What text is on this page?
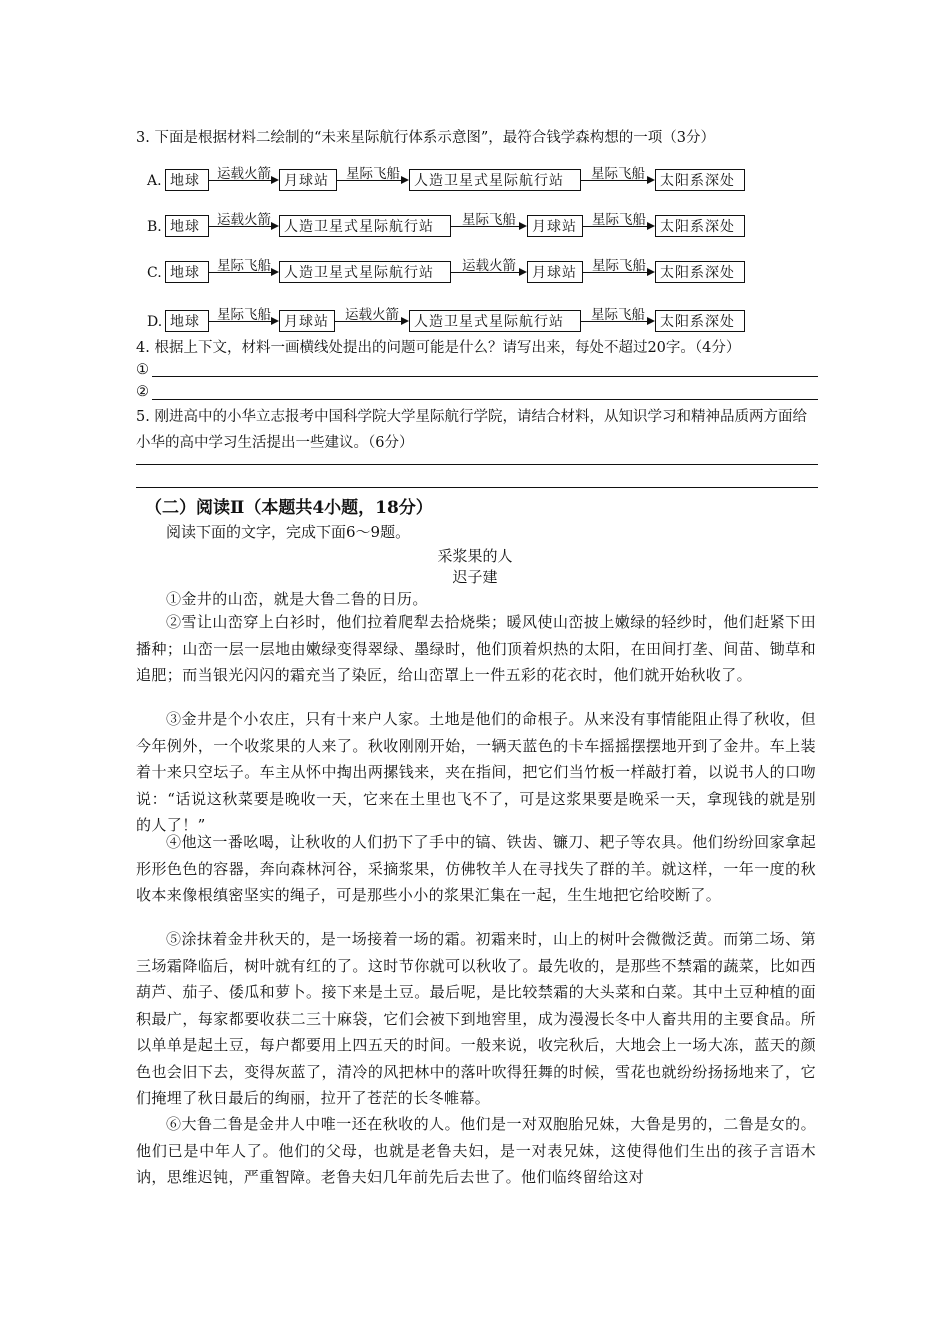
3. 下面是根据材料二绘制的“未来星际航行体系示意图”，最符合钱学森构想的一项（3分）
A. 地球	运载火箭 月球站	星际飞船	人造卫星式星际航行站	星际飞船	太阳系深处
B. 地球	运载火箭 人造卫星式星际航行站	星际飞船	月球站	星际飞船	太阳系深处
C. 地球	星际飞船 人造卫星式星际航行站	运载火箭	月球站	星际飞船	太阳系深处
D. 地球	星际飞船 月球站	运载火箭	人造卫星式星际航行站	星际飞船	太阳系深处
4. 根据上下文，材料一画横线处提出的问题可能是什么？请写出来，每处不超过20字。（4分）
①
②
5. 刚进高中的小华立志报考中国科学院大学星际航行学院，请结合材料，从知识学习和精神品质两方面给小华的高中学习生活提出一些建议。（6分）
（二）阅读Ⅱ（本题共4小题，18分）
阅读下面的文字，完成下面6～9题。
采浆果的人
迟子建
①金井的山峦，就是大鲁二鲁的日历。
②雪让山峦穿上白衫时，他们拉着爬犁去拾烧柴；暖风使山峦披上嫩绿的轻纱时，他们赶紧下田播种；山峦一层一层地由嫩绿变得翠绿、墨绿时，他们顶着炽热的太阳，在田间打垄、间苗、锄草和追肥；而当银光闪闪的霜充当了染匠，给山峦罩上一件五彩的花衣时，他们就开始秋收了。
③金井是个小农庄，只有十来户人家。土地是他们的命根子。从来没有事情能阻止得了秋收，但今年例外，一个收浆果的人来了。秋收刚刚开始，一辆天蓝色的卡车摇摇摆摆地开到了金井。车上装着十来只空坛子。车主从怀中掏出两摞钱来，夹在指间，把它们当竹板一样敲打着，以说书人的口吻说：“话说这秋菜要是晚收一天，它来在土里也飞不了，可是这浆果要是晚采一天，拿现钱的就是别的人了！”
④他这一番吆喝，让秋收的人们扔下了手中的镐、铁齿、镰刀、耙子等农具。他们纷纷回家拿起形形色色的容器，奔向森林河谷，采摘浆果，仿佛牧羊人在寻找失了群的羊。就这样，一年一度的秋收本来像根缜密坚实的绳子，可是那些小小的浆果汇集在一起，生生地把它给咬断了。
⑤涂抹着金井秋天的，是一场接着一场的霜。初霜来时，山上的树叶会微微泛黄。而第二场、第三场霜降临后，树叶就有红的了。这时节你就可以秋收了。最先收的，是那些不禁霜的蔬菜，比如西葫芦、茄子、倭瓜和萝卜。接下来是土豆。最后呢，是比较禁霜的大头菜和白菜。其中土豆种植的面积最广，每家都要收获二三十麻袋，它们会被下到地窖里，成为漫漫长冬中人畜共用的主要食品。所以单单是起土豆，每户都要用上四五天的时间。一般来说，收完秋后，大地会上一场大冻，蓝天的颜色也会旧下去，变得灰蓝了，清冷的风把林中的落叶吹得狂舞的时候，雪花也就纷纷扬扬地来了，它们掩埋了秋日最后的绚丽，拉开了苍茫的长冬帷幕。
⑥大鲁二鲁是金井人中唯一还在秋收的人。他们是一对双胞胎兄妹，大鲁是男的，二鲁是女的。他们已是中年人了。他们的父母，也就是老鲁夫妇，是一对表兄妹，这使得他们生出的孩子言语木讷，思维迟钝，严重智障。老鲁夫妇几年前先后去世了。他们临终留给这对
